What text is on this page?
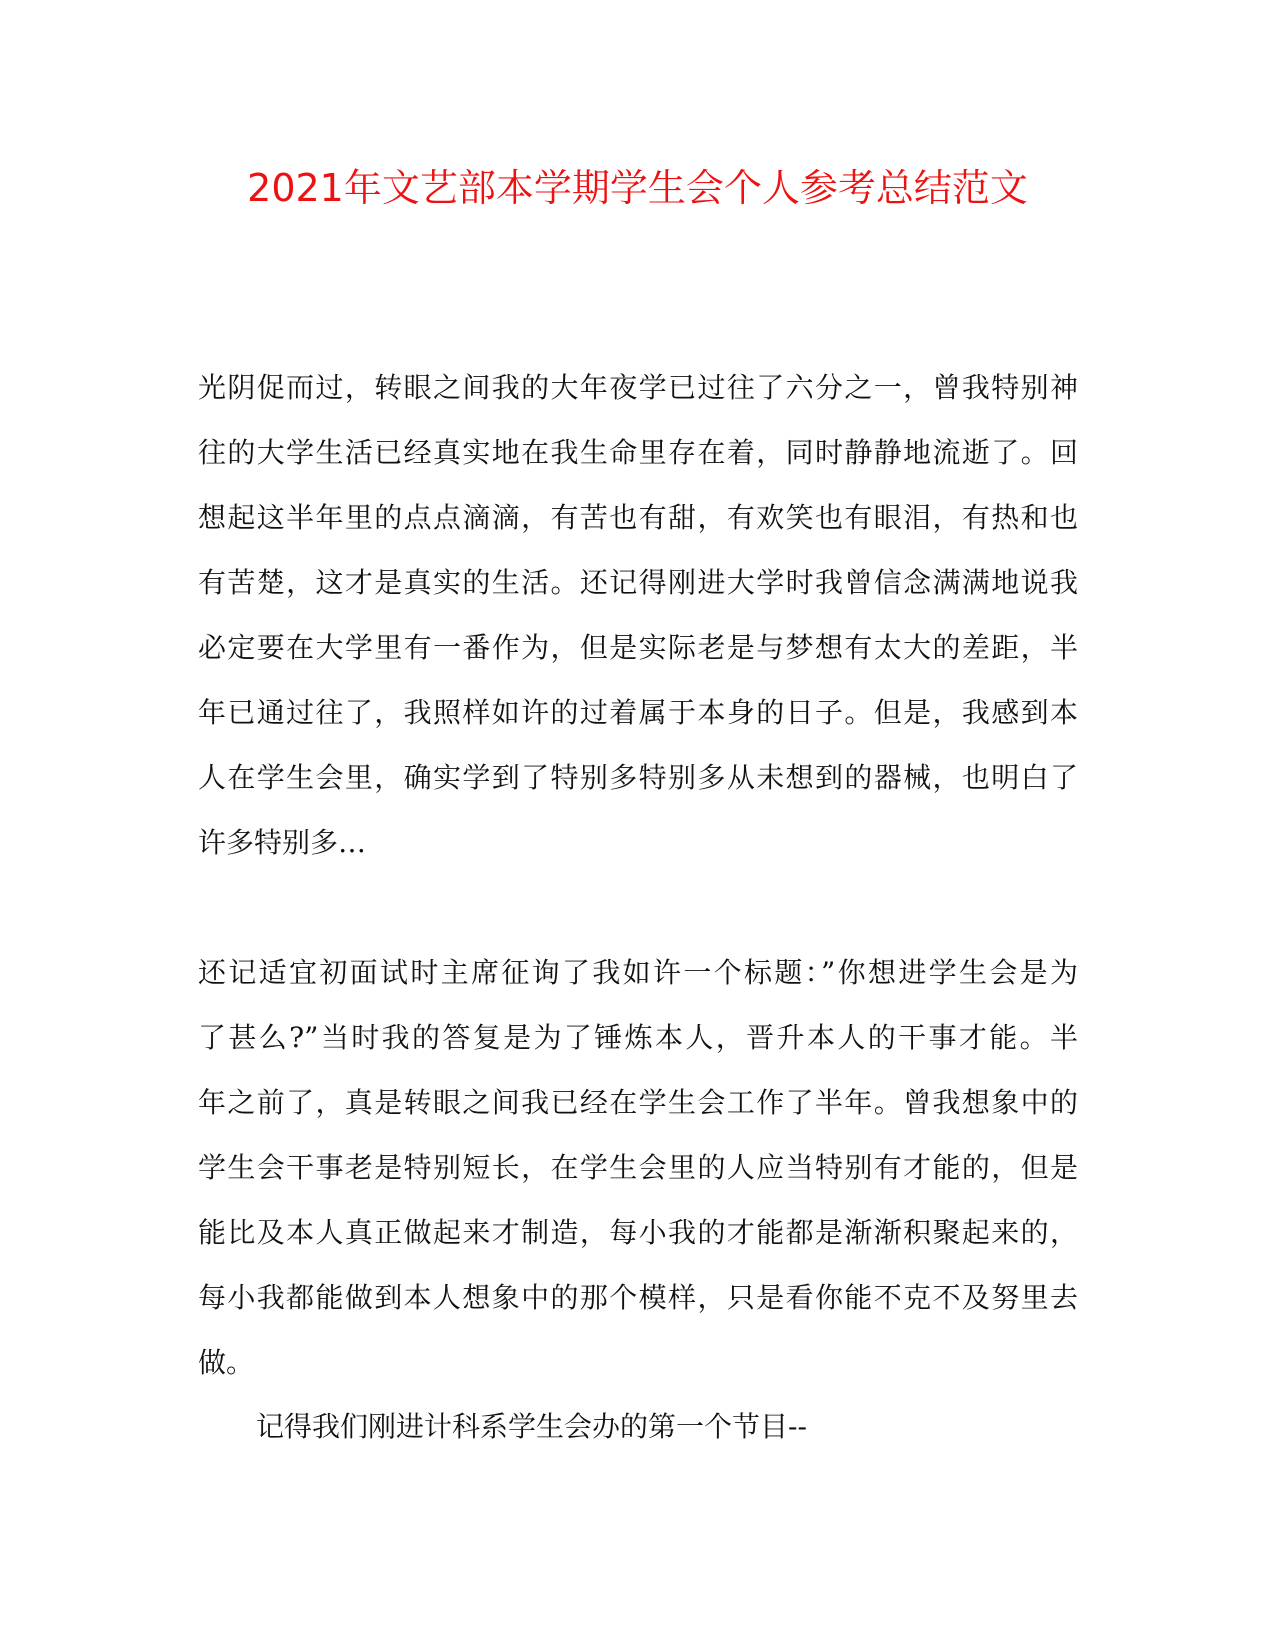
2021年文艺部本学期学生会个人参考总结范文
光阴促而过，转眼之间我的大年夜学已过往了六分之一，曾我特别神
往的大学生活已经真实地在我生命里存在着，同时静静地流逝了。回
想起这半年里的点点滴滴，有苦也有甜，有欢笑也有眼泪，有热和也
有苦楚，这才是真实的生活。还记得刚进大学时我曾信念满满地说我
必定要在大学里有一番作为，但是实际老是与梦想有太大的差距，半
年已通过往了，我照样如许的过着属于本身的日子。但是，我感到本
人在学生会里，确实学到了特别多特别多从未想到的器械，也明白了
许多特别多…
还记适宜初面试时主席征询了我如许一个标题：”你想进学生会是为
了甚么?”当时我的答复是为了锤炼本人，晋升本人的干事才能。半
年之前了，真是转眼之间我已经在学生会工作了半年。曾我想象中的
学生会干事老是特别短长，在学生会里的人应当特别有才能的，但是
能比及本人真正做起来才制造，每小我的才能都是渐渐积聚起来的，
每小我都能做到本人想象中的那个模样，只是看你能不克不及努里去
做。
记得我们刚进计科系学生会办的第一个节目--
